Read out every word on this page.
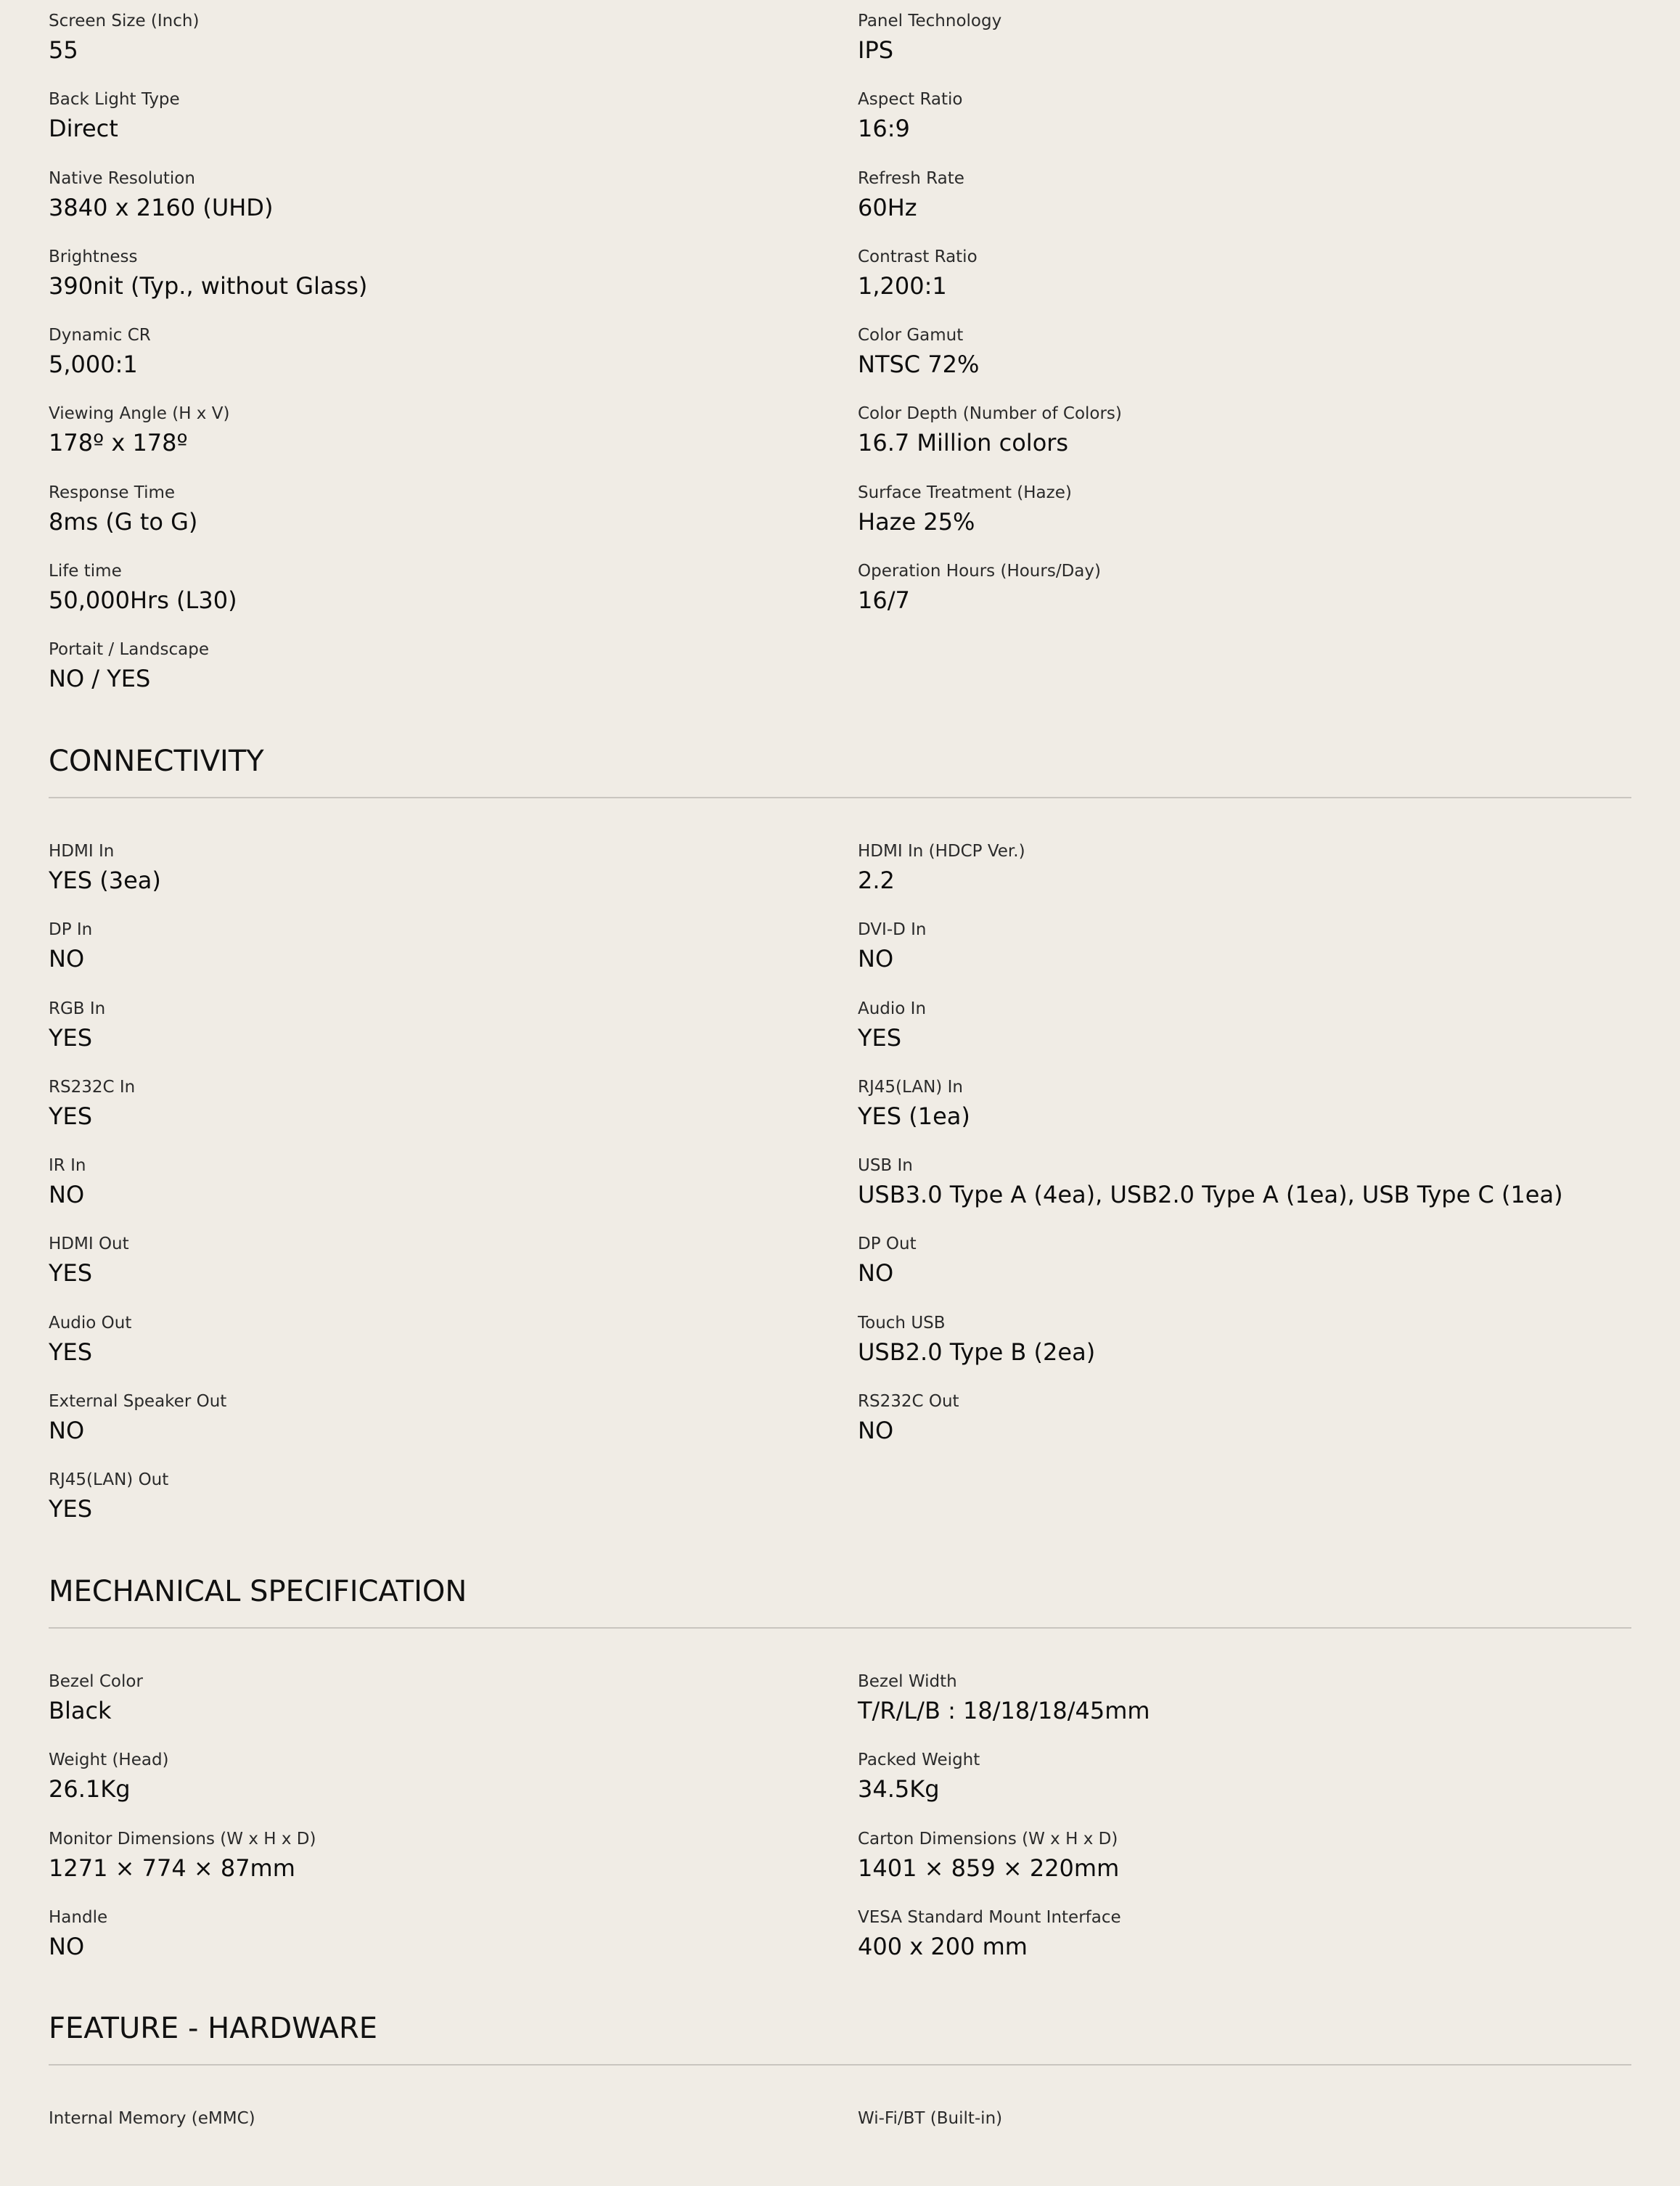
Screen Size (Inch)
55
Panel Technology
IPS
Back Light Type
Direct
Aspect Ratio
16:9
Native Resolution
3840 x 2160 (UHD)
Refresh Rate
60Hz
Brightness
390nit (Typ., without Glass)
Contrast Ratio
1,200:1
Dynamic CR
5,000:1
Color Gamut
NTSC 72%
Viewing Angle (H x V)
178º x 178º
Color Depth (Number of Colors)
16.7 Million colors
Response Time
8ms (G to G)
Surface Treatment (Haze)
Haze 25%
Life time
50,000Hrs (L30)
Operation Hours (Hours/Day)
16/7
Portait / Landscape
NO / YES
CONNECTIVITY
HDMI In
YES (3ea)
HDMI In (HDCP Ver.)
2.2
DP In
NO
DVI-D In
NO
RGB In
YES
Audio In
YES
RS232C In
YES
RJ45(LAN) In
YES (1ea)
IR In
NO
USB In
USB3.0 Type A (4ea), USB2.0 Type A (1ea), USB Type C (1ea)
HDMI Out
YES
DP Out
NO
Audio Out
YES
Touch USB
USB2.0 Type B (2ea)
External Speaker Out
NO
RS232C Out
NO
RJ45(LAN) Out
YES
MECHANICAL SPECIFICATION
Bezel Color
Black
Bezel Width
T/R/L/B : 18/18/18/45mm
Weight (Head)
26.1Kg
Packed Weight
34.5Kg
Monitor Dimensions (W x H x D)
1271 × 774 × 87mm
Carton Dimensions (W x H x D)
1401 × 859 × 220mm
Handle
NO
VESA Standard Mount Interface
400 x 200 mm
FEATURE - HARDWARE
Internal Memory (eMMC)	Wi-Fi/BT (Built-in)
